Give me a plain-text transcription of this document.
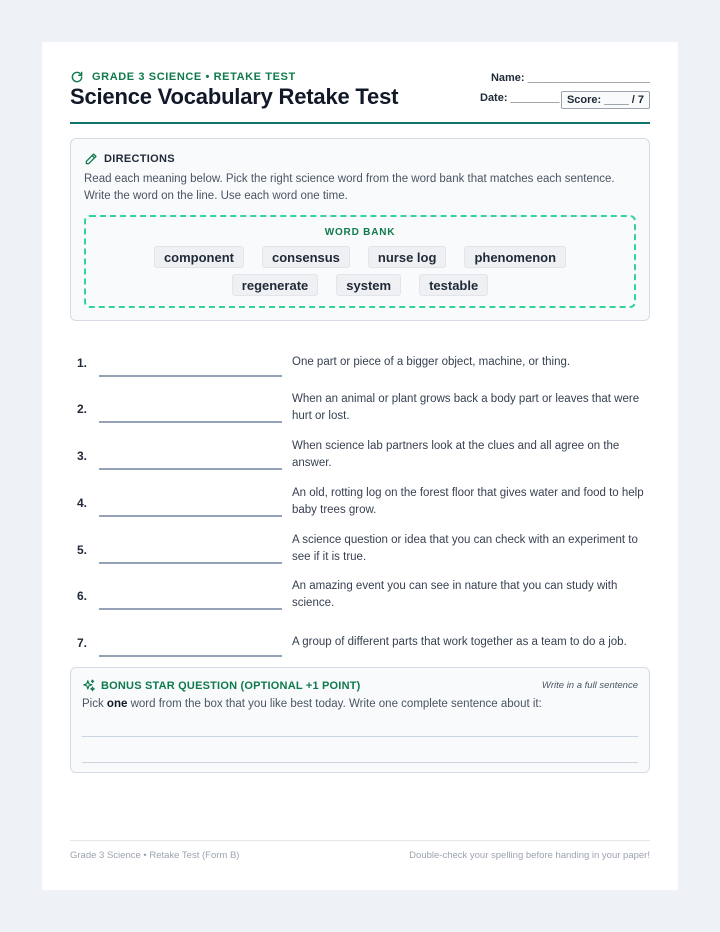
GRADE 3 SCIENCE • RETAKE TEST
Science Vocabulary Retake Test
Name: ____________________
Date: ________ Score: ____ / 7
DIRECTIONS
Read each meaning below. Pick the right science word from the word bank that matches each sentence. Write the word on the line. Use each word one time.
WORD BANK
component	consensus	nurse log	phenomenon
regenerate	system	testable
1.	One part or piece of a bigger object, machine, or thing.
2.
When an animal or plant grows back a body part or leaves that were hurt or lost.
3.
When science lab partners look at the clues and all agree on the answer.
4.
An old, rotting log on the forest floor that gives water and food to help baby trees grow.
5.
A science question or idea that you can check with an experiment to see if it is true.
6.
An amazing event you can see in nature that you can study with science.
7.	A group of different parts that work together as a team to do a job.
BONUS STAR QUESTION (OPTIONAL +1 POINT)	Write in a full sentence
Pick one word from the box that you like best today. Write one complete sentence about it:
Grade 3 Science • Retake Test (Form B)	Double-check your spelling before handing in your paper!
